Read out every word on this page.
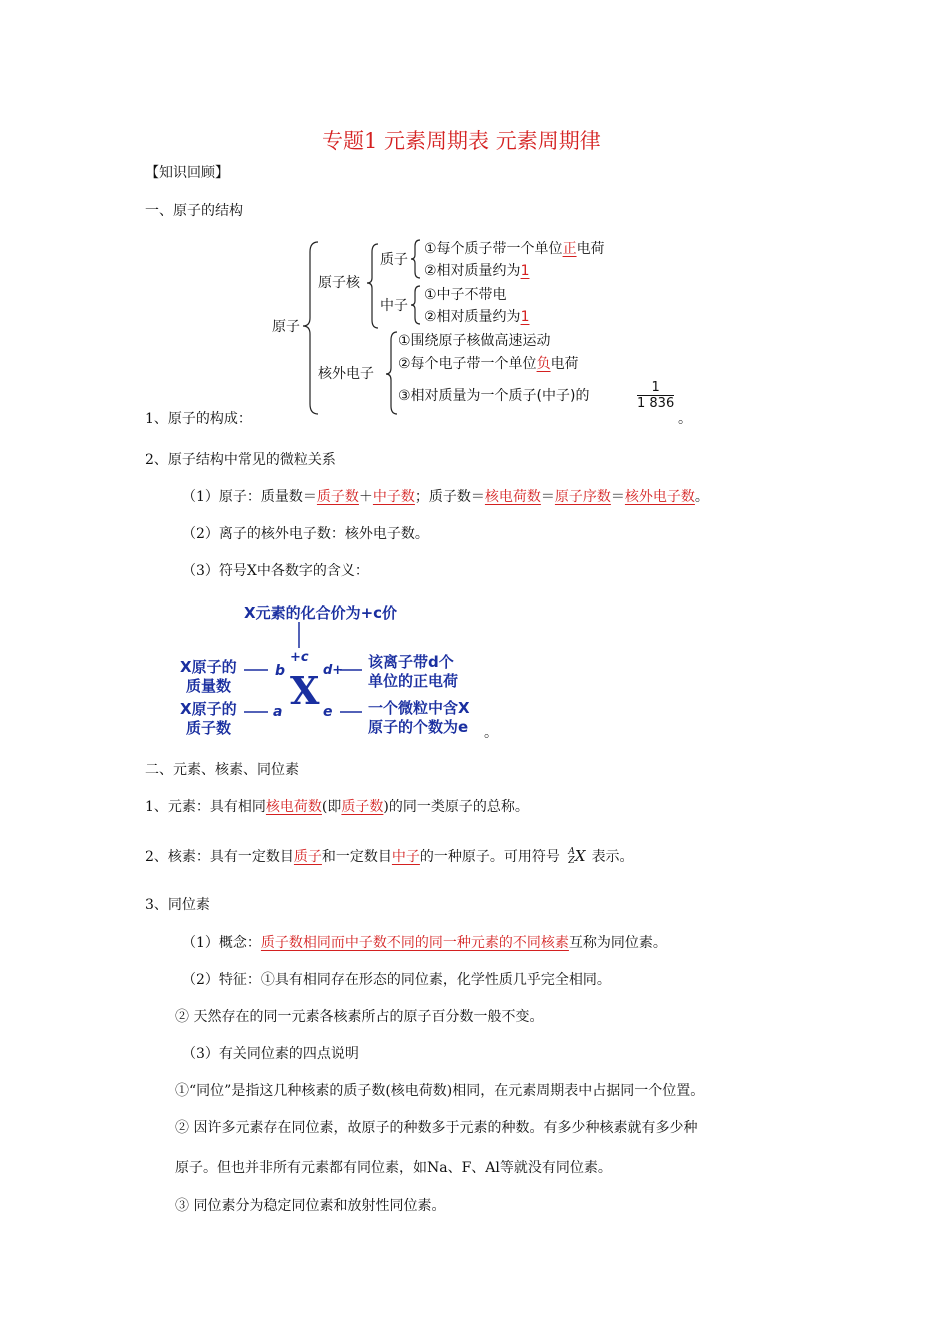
专题1 元素周期表 元素周期律
【知识回顾】
一、原子的结构
原子
原子核
质子
①每个质子带一个单位正电荷
②相对质量约为1
中子
①中子不带电
②相对质量约为1
核外电子
①围绕原子核做高速运动
②每个电子带一个单位负电荷
③相对质量为一个质子(中子)的	$\frac{1}{1 836}$
1、原子的构成：	。
2、原子结构中常见的微粒关系
（1）原子：质量数＝质子数＋中子数；质子数＝核电荷数＝原子序数＝核外电子数。
（2）离子的核外电子数：核外电子数。
（3）符号X中各数字的含义：
X元素的化合价为+c价
+c
d+
X
b
a	e
X原子的
质量数
X原子的
质子数
该离子带d个
单位的正电荷
一个微粒中含X
原子的个数为e 。
二、元素、核素、同位素
1、元素：具有相同核电荷数(即质子数)的同一类原子的总称。
2、核素：具有一定数目质子和一定数目中子的一种原子。可用符号 A
Z X 表示。
3、同位素
（1）概念：质子数相同而中子数不同的同一种元素的不同核素互称为同位素。
（2）特征：①具有相同存在形态的同位素，化学性质几乎完全相同。
② 天然存在的同一元素各核素所占的原子百分数一般不变。
（3）有关同位素的四点说明
①“同位”是指这几种核素的质子数(核电荷数)相同，在元素周期表中占据同一个位置。
② 因许多元素存在同位素，故原子的种数多于元素的种数。有多少种核素就有多少种
原子。但也并非所有元素都有同位素，如Na、F、Al等就没有同位素。
③ 同位素分为稳定同位素和放射性同位素。
